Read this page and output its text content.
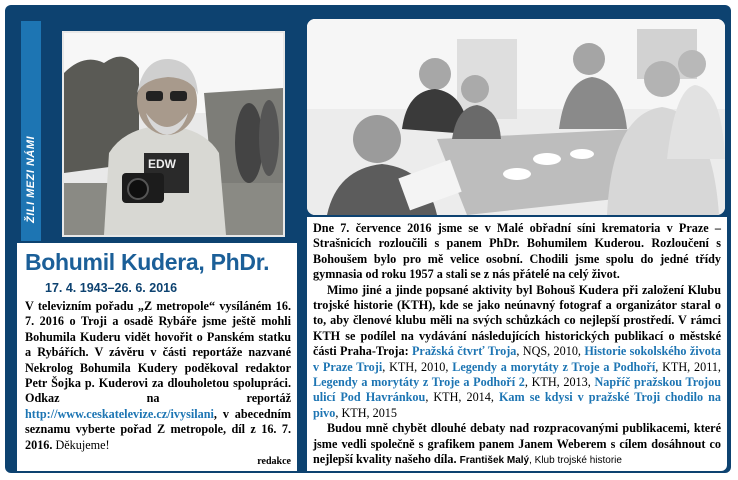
ŽILI MEZI NÁMI	EDW
Bohumil Kudera, PhDr.
17. 4. 1943–26. 6. 2016
V televizním pořadu „Z metropole“ vysíláném 16. 7. 2016 o Troji a osadě Rybáře jsme ještě mohli Bohumila Kuderu vidět hovořit o Panském statku a Rybářích. V závěru v části reportáže nazvané Nekrolog Bohumila Kudery poděkoval redaktor Petr Šojka p. Kuderovi za dlouholetou spolupráci. Odkaz na reportáž http://www.ceskatelevize.cz/ivysilani, v abecedním seznamu vyberte pořad Z metropole, díl z 16. 7. 2016. Děkujeme!
redakce

Dne 7. července 2016 jsme se v Malé obřadní síni krematoria v Praze – Strašnicích rozloučili s panem PhDr. Bohumilem Kuderou. Rozloučení s Bohoušem bylo pro mě velice osobní. Chodili jsme spolu do jedné třídy gymnasia od roku 1957 a stali se z nás přátelé na celý život.

Mimo jiné a jinde popsané aktivity byl Bohouš Kudera při založení Klubu trojské historie (KTH), kde se jako neúnavný fotograf a organizátor staral o to, aby členové klubu měli na svých schůzkách co nejlepší prostředí. V rámci KTH se podílel na vydávání následujících historických publikací o městské části Praha-Troja: Pražská čtvrť Troja, NQS, 2010, Historie sokolského života v Praze Troji, KTH, 2010, Legendy a morytáty z Troje a Podhoří, KTH, 2011, Legendy a morytáty z Troje a Podhoří 2, KTH, 2013, Napříč pražskou Trojou ulicí Pod Havránkou, KTH, 2014, Kam se kdysi v pražské Troji chodilo na pivo, KTH, 2015

Budou mně chybět dlouhé debaty nad rozpracovanými publikacemi, které jsme vedli společně s grafikem panem Janem Weberem s cílem dosáhnout co nejlepší kvality našeho díla. František Malý, Klub trojské historie
